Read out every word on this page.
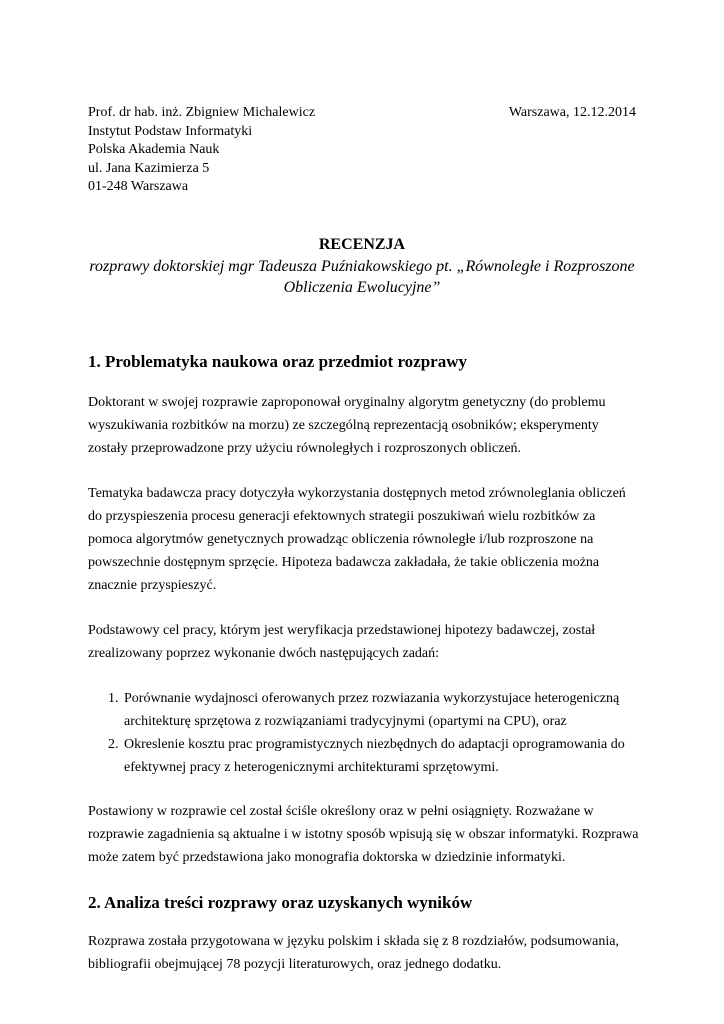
Prof. dr hab. inż. Zbigniew Michalewicz
Instytut Podstaw Informatyki
Polska Akademia Nauk
ul. Jana Kazimierza 5
01-248 Warszawa
Warszawa, 12.12.2014

RECENZJA

rozprawy doktorskiej mgr Tadeusza Puźniakowskiego pt. „Równoległe i Rozproszone Obliczenia Ewolucyjne”

1. Problematyka naukowa oraz przedmiot rozprawy

Doktorant w swojej rozprawie zaproponował oryginalny algorytm genetyczny (do problemu wyszukiwania rozbitków na morzu) ze szczególną reprezentacją osobników; eksperymenty zostały przeprowadzone przy użyciu równoległych i rozproszonych obliczeń.

Tematyka badawcza pracy dotyczyła wykorzystania dostępnych metod zrównoleglania obliczeń do przyspieszenia procesu generacji efektownych strategii poszukiwań wielu rozbitków za pomoca algorytmów genetycznych prowadząc obliczenia równoległe i/lub rozproszone na powszechnie dostępnym sprzęcie. Hipoteza badawcza zakładała, że takie obliczenia można znacznie przyspieszyć.

Podstawowy cel pracy, którym jest weryfikacja przedstawionej hipotezy badawczej, został zrealizowany poprzez wykonanie dwóch następujących zadań:

1. Porównanie wydajnosci oferowanych przez rozwiazania wykorzystujace heterogeniczną architekturę sprzętowa z rozwiązaniami tradycyjnymi (opartymi na CPU), oraz
2. Okreslenie kosztu prac programistycznych niezbędnych do adaptacji oprogramowania do efektywnej pracy z heterogenicznymi architekturami sprzętowymi.

Postawiony w rozprawie cel został ściśle określony oraz w pełni osiągnięty. Rozważane w rozprawie zagadnienia są aktualne i w istotny sposób wpisują się w obszar informatyki. Rozprawa może zatem być przedstawiona jako monografia doktorska w dziedzinie informatyki.

2. Analiza treści rozprawy oraz uzyskanych wyników

Rozprawa została przygotowana w języku polskim i składa się z 8 rozdziałów, podsumowania, bibliografii obejmującej 78 pozycji literaturowych, oraz jednego dodatku.
